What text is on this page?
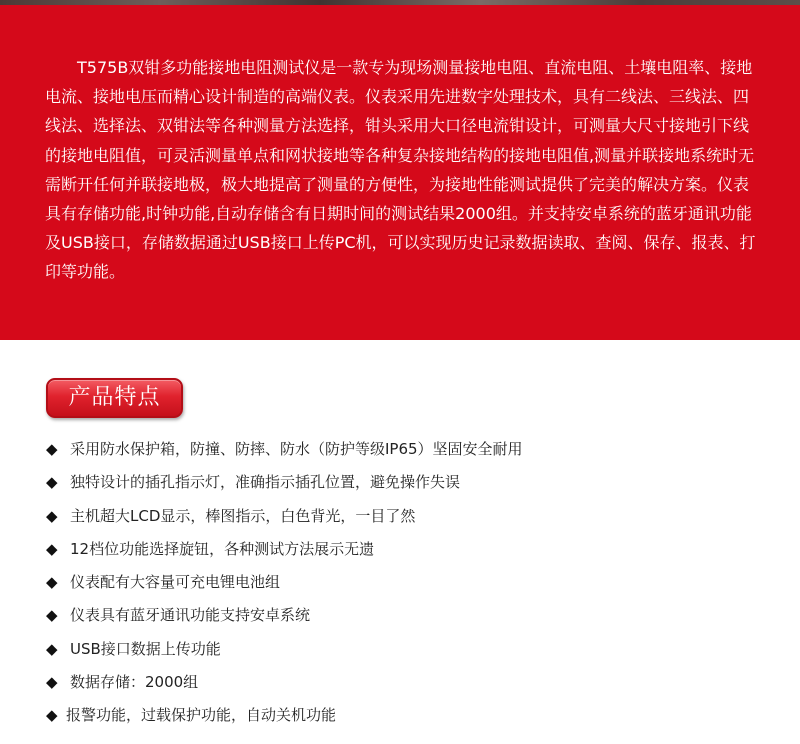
T575B双钳多功能接地电阻测试仪是一款专为现场测量接地电阻、直流电阻、土壤电阻率、接地电流、接地电压而精心设计制造的高端仪表。仪表采用先进数字处理技术，具有二线法、三线法、四线法、选择法、双钳法等各种测量方法选择，钳头采用大口径电流钳设计，可测量大尺寸接地引下线的接地电阻值，可灵活测量单点和网状接地等各种复杂接地结构的接地电阻值,测量并联接地系统时无需断开任何并联接地极，极大地提高了测量的方便性，为接地性能测试提供了完美的解决方案。仪表具有存储功能,时钟功能,自动存储含有日期时间的测试结果2000组。并支持安卓系统的蓝牙通讯功能及USB接口，存储数据通过USB接口上传PC机，可以实现历史记录数据读取、查阅、保存、报表、打印等功能。

产品特点
◆ 采用防水保护箱，防撞、防摔、防水（防护等级IP65）坚固安全耐用
◆ 独特设计的插孔指示灯，准确指示插孔位置，避免操作失误
◆ 主机超大LCD显示，棒图指示，白色背光，一目了然
◆ 12档位功能选择旋钮，各种测试方法展示无遗
◆ 仪表配有大容量可充电锂电池组
◆ 仪表具有蓝牙通讯功能支持安卓系统
◆ USB接口数据上传功能
◆ 数据存储：2000组
◆ 报警功能，过载保护功能，自动关机功能
